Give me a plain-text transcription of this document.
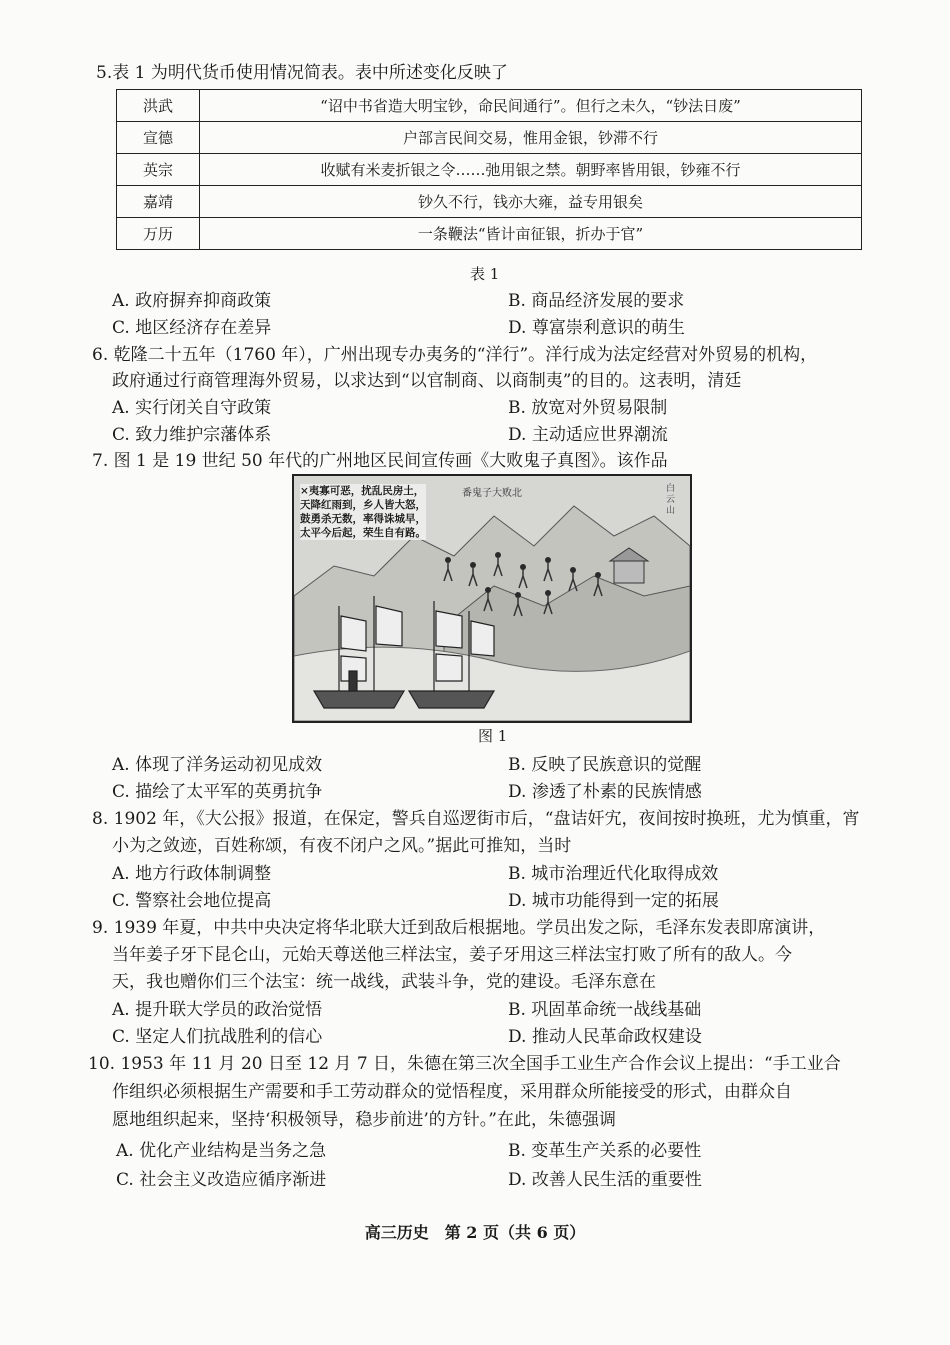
5.表 1 为明代货币使用情况简表。表中所述变化反映了
洪武	“诏中书省造大明宝钞，命民间通行”。但行之未久，“钞法日废”
宣德	户部言民间交易，惟用金银，钞滞不行
英宗	收赋有米麦折银之令……弛用银之禁。朝野率皆用银，钞雍不行
嘉靖	钞久不行，钱亦大雍，益专用银矣
万历	一条鞭法“皆计亩征银，折办于官”
表 1
A. 政府摒弃抑商政策	B. 商品经济发展的要求
C. 地区经济存在差异	D. 尊富崇利意识的萌生
6. 乾隆二十五年（1760 年），广州出现专办夷务的“洋行”。洋行成为法定经营对外贸易的机构，
政府通过行商管理海外贸易，以求达到“以官制商、以商制夷”的目的。这表明，清廷
A. 实行闭关自守政策	B. 放宽对外贸易限制
C. 致力维护宗藩体系	D. 主动适应世界潮流
7. 图 1 是 19 世纪 50 年代的广州地区民间宣传画《大败鬼子真图》。该作品
×夷寡可恶，扰乱民房土，
天降红雨到，乡人皆大怒，
鼓勇杀无数，率得诛城早，
太平今后起，荣生自有路。
番鬼子大败北	白云山
图 1
A. 体现了洋务运动初见成效	B. 反映了民族意识的觉醒
C. 描绘了太平军的英勇抗争	D. 渗透了朴素的民族情感
8. 1902 年，《大公报》报道，在保定，警兵自巡逻街市后，“盘诘奸宄，夜间按时换班，尤为慎重，宵
小为之敛迹，百姓称颂，有夜不闭户之风。”据此可推知，当时
A. 地方行政体制调整	B. 城市治理近代化取得成效
C. 警察社会地位提高	D. 城市功能得到一定的拓展
9. 1939 年夏，中共中央决定将华北联大迁到敌后根据地。学员出发之际，毛泽东发表即席演讲，
当年姜子牙下昆仑山，元始天尊送他三样法宝，姜子牙用这三样法宝打败了所有的敌人。今
天，我也赠你们三个法宝：统一战线，武装斗争，党的建设。毛泽东意在
A. 提升联大学员的政治觉悟	B. 巩固革命统一战线基础
C. 坚定人们抗战胜利的信心	D. 推动人民革命政权建设
10. 1953 年 11 月 20 日至 12 月 7 日，朱德在第三次全国手工业生产合作会议上提出：“手工业合
作组织必须根据生产需要和手工劳动群众的觉悟程度，采用群众所能接受的形式，由群众自
愿地组织起来，坚持‘积极领导，稳步前进’的方针。”在此，朱德强调
A. 优化产业结构是当务之急	B. 变革生产关系的必要性
C. 社会主义改造应循序渐进	D. 改善人民生活的重要性
高三历史　第 2 页（共 6 页）
